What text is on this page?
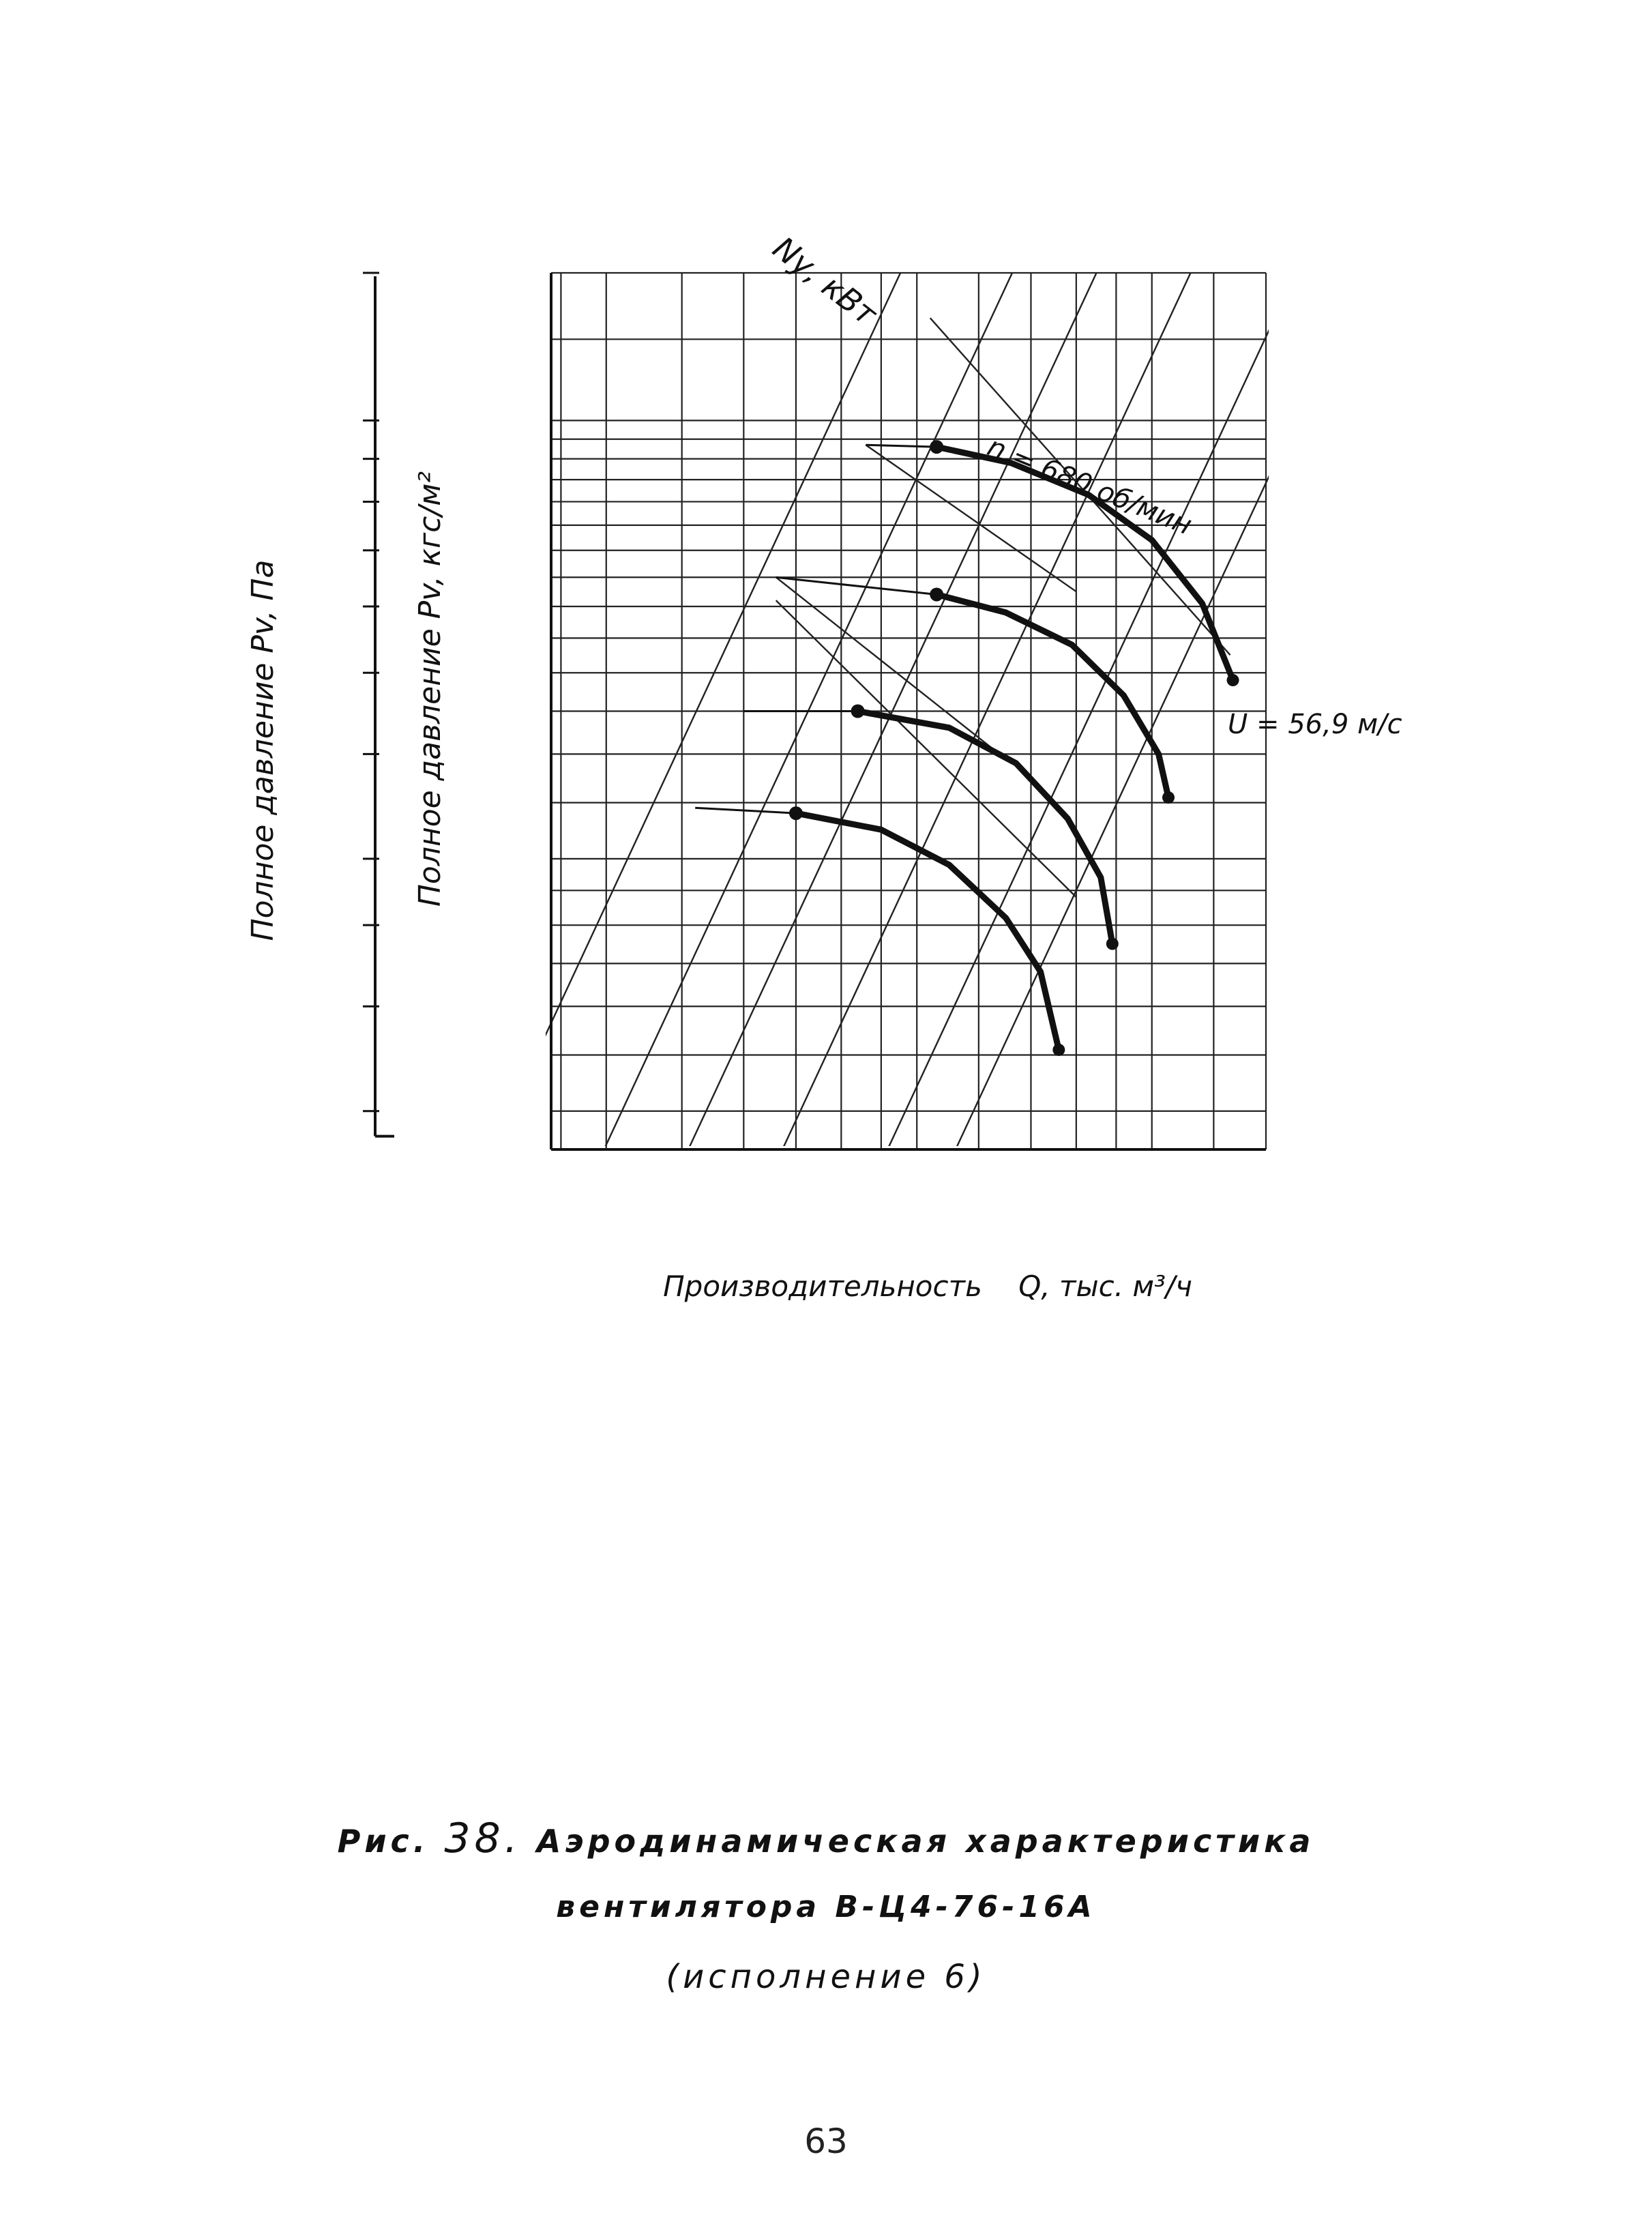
Полное давление Pv, Па	Полное давление Pv, кгс/м²
Производительность    Q, тыс. м³/ч
Nу, кВт
n = 680 об/мин
U = 56,9 м/с
Рис. 38. Аэродинамическая характеристика
вентилятора В-Ц4-76-16А
(исполнение 6)
63
